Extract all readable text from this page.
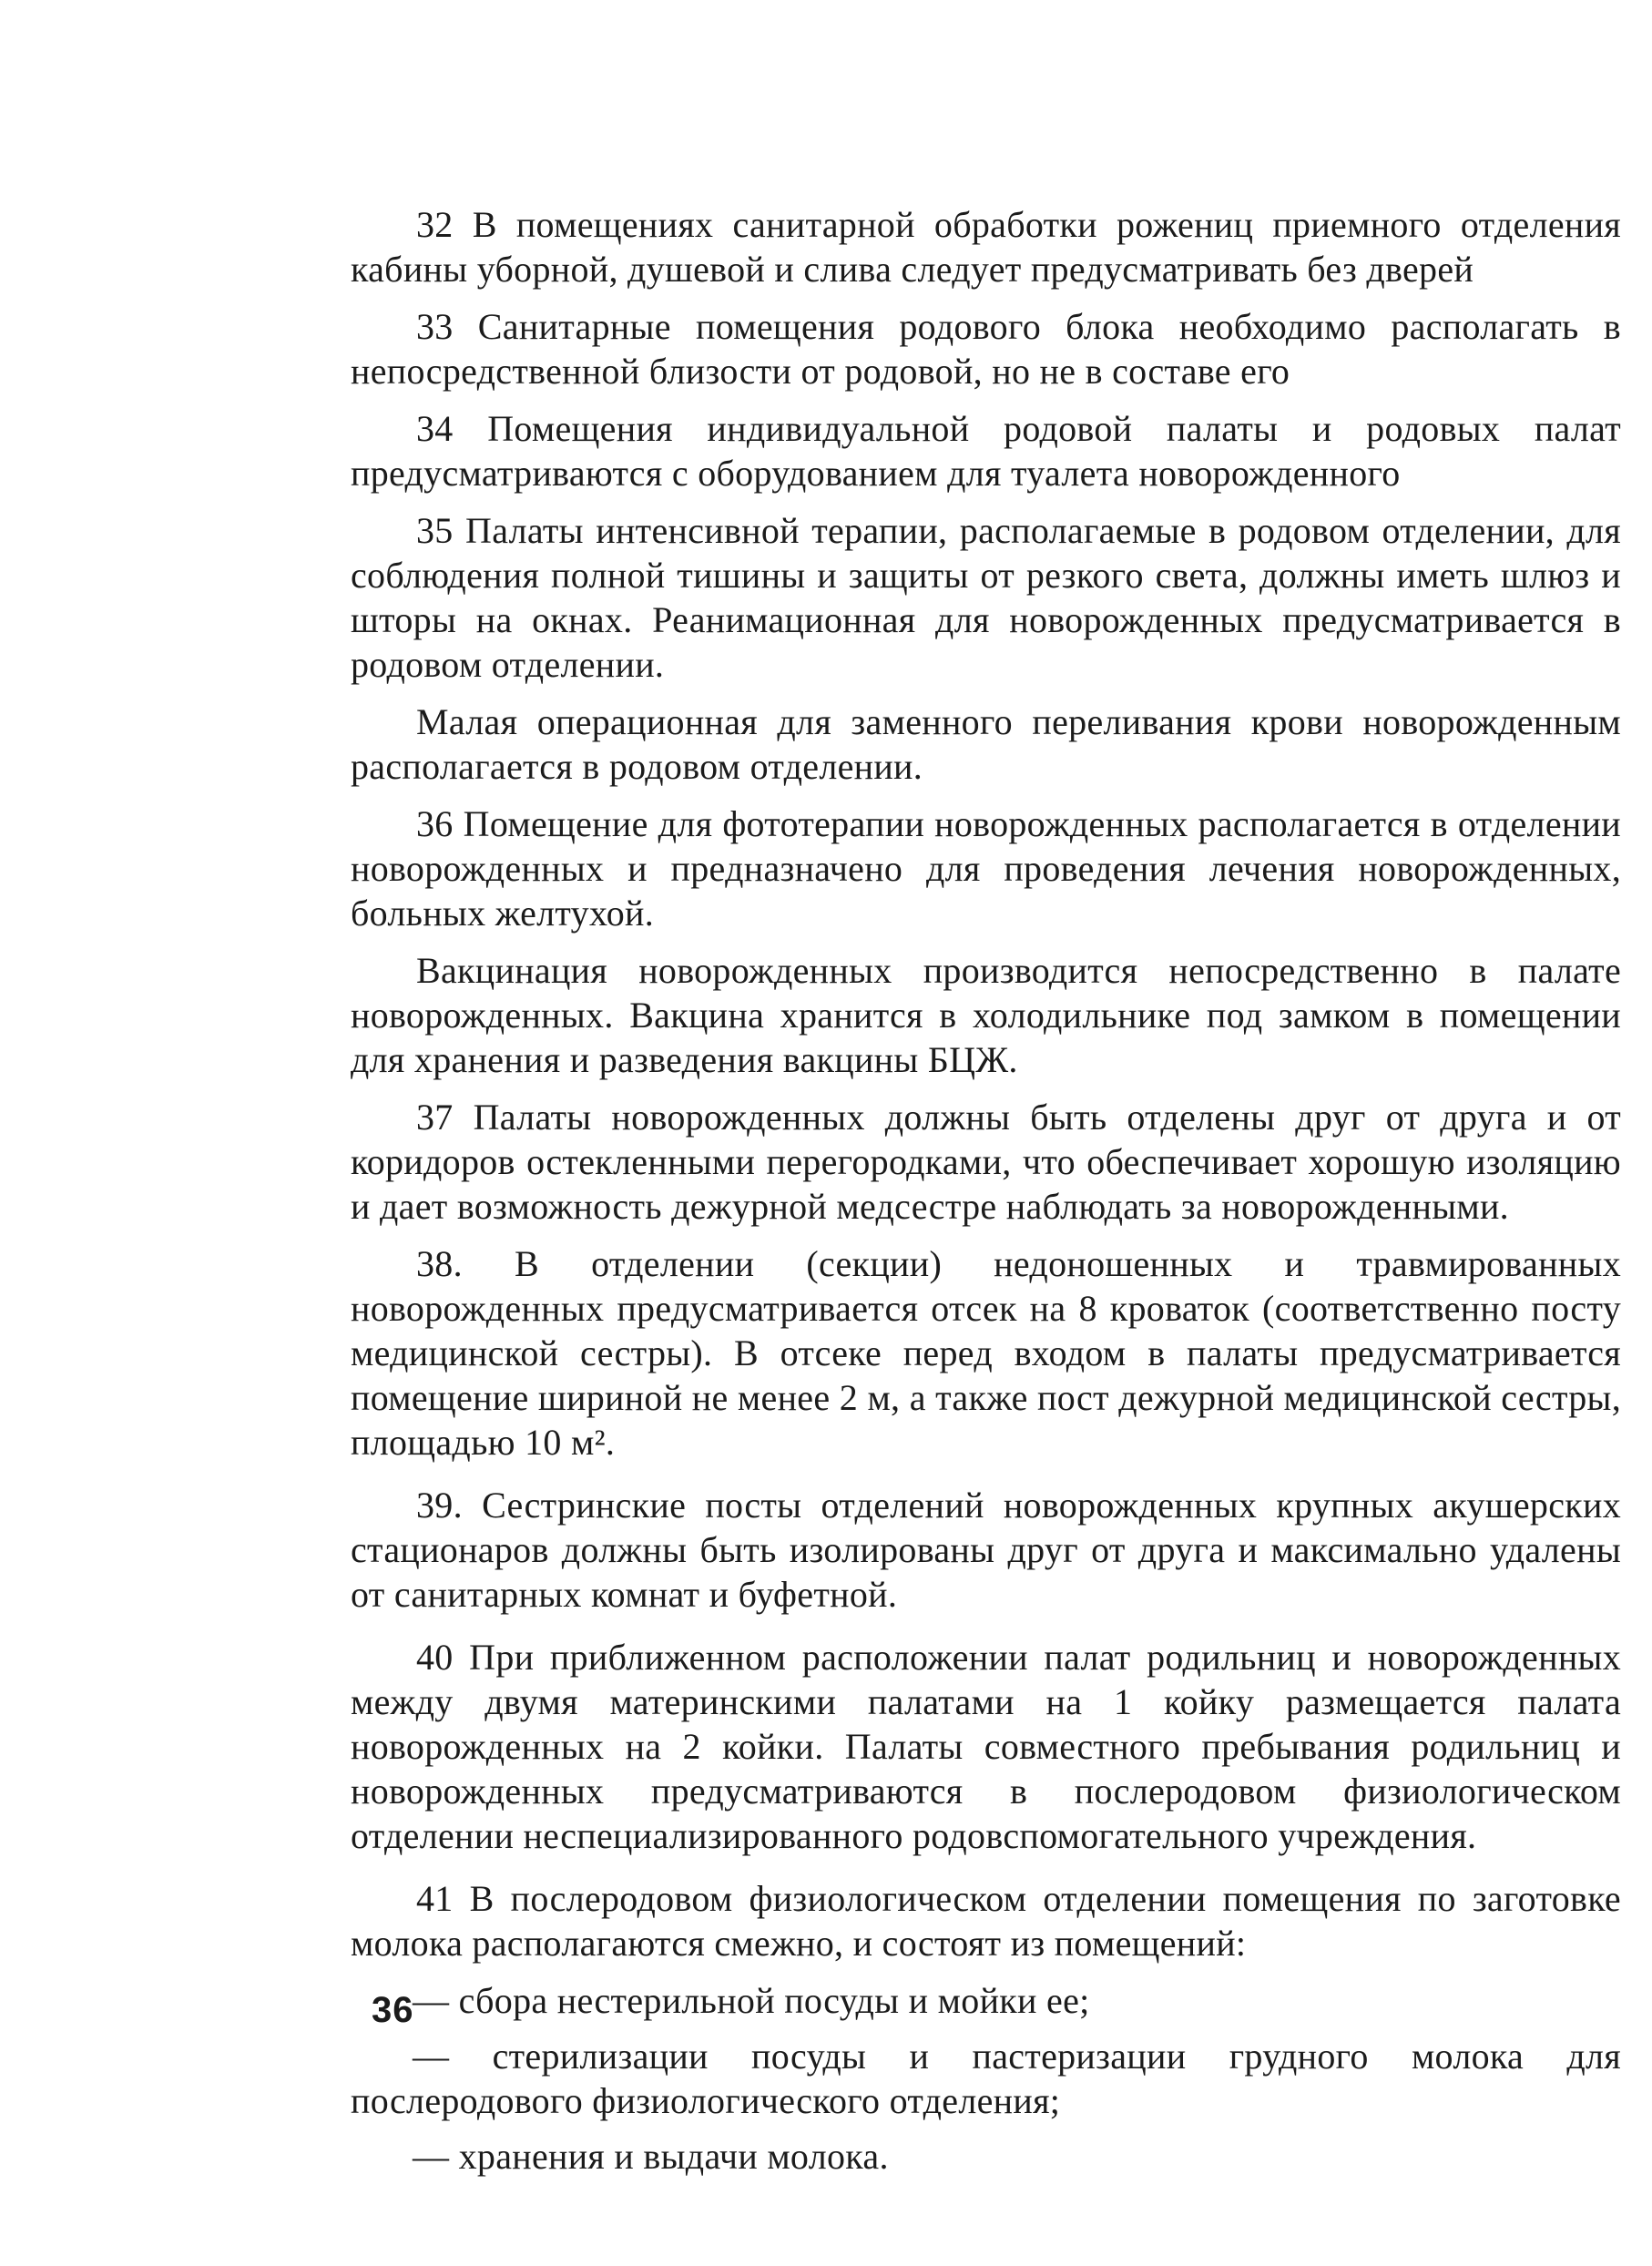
32 В помещениях санитарной обработки рожениц приемного отделения кабины уборной, душевой и слива следует предусматривать без дверей

33 Санитарные помещения родового блока необходимо располагать в непосредственной близости от родовой, но не в составе его

34 Помещения индивидуальной родовой палаты и родовых палат предусматриваются с оборудованием для туалета новорожденного

35 Палаты интенсивной терапии, располагаемые в родовом отделении, для соблюдения полной тишины и защиты от резкого света, должны иметь шлюз и шторы на окнах. Реанимационная для новорожденных предусматривается в родовом отделении.

Малая операционная для заменного переливания крови новорожденным располагается в родовом отделении.

36 Помещение для фототерапии новорожденных располагается в отделении новорожденных и предназначено для проведения лечения новорожденных, больных желтухой.

Вакцинация новорожденных производится непосредственно в палате новорожденных. Вакцина хранится в холодильнике под замком в помещении для хранения и разведения вакцины БЦЖ.

37 Палаты новорожденных должны быть отделены друг от друга и от коридоров остекленными перегородками, что обеспечивает хорошую изоляцию и дает возможность дежурной медсестре наблюдать за новорожденными.

38. В отделении (секции) недоношенных и травмированных новорожденных предусматривается отсек на 8 кроваток (соответственно посту медицинской сестры). В отсеке перед входом в палаты предусматривается помещение шириной не менее 2 м, а также пост дежурной медицинской сестры, площадью 10 м².

39. Сестринские посты отделений новорожденных крупных акушерских стационаров должны быть изолированы друг от друга и максимально удалены от санитарных комнат и буфетной.

40 При приближенном расположении палат родильниц и новорожденных между двумя материнскими палатами на 1 койку размещается палата новорожденных на 2 койки. Палаты совместного пребывания родильниц и новорожденных предусматриваются в послеродовом физиологическом отделении неспециализированного родовспомогательного учреждения.

41 В послеродовом физиологическом отделении помещения по заготовке молока располагаются смежно, и состоят из помещений:

— сбора нестерильной посуды и мойки ее;

— стерилизации посуды и пастеризации грудного молока для послеродового физиологического отделения;

— хранения и выдачи молока.

36
